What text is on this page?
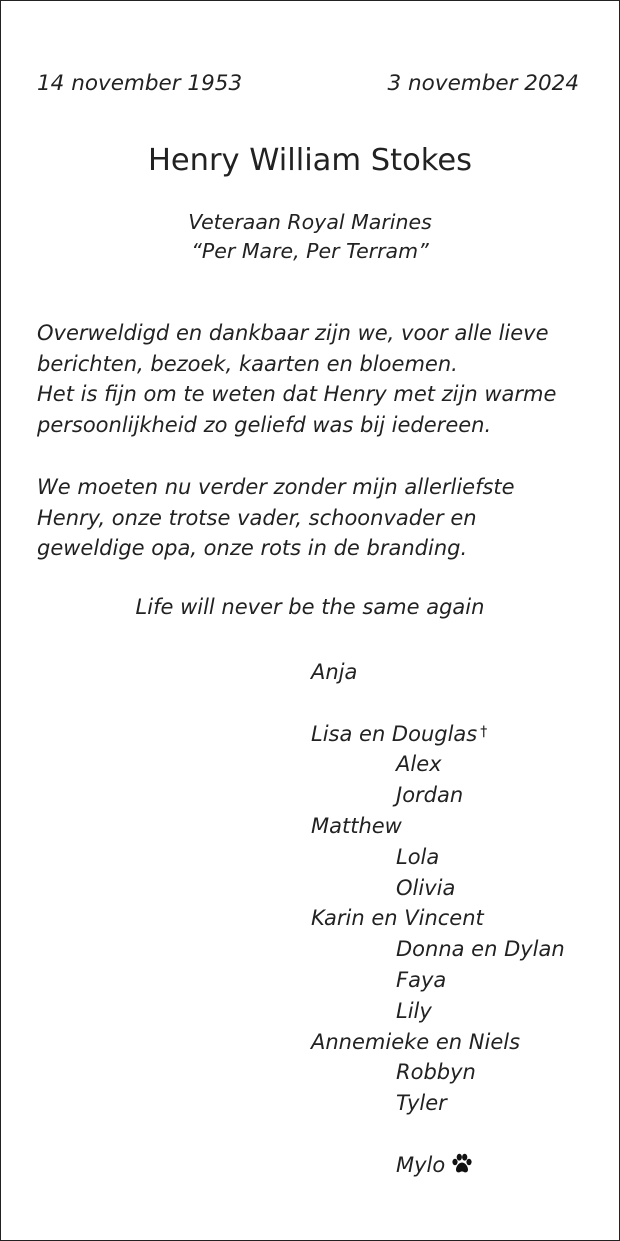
14 november 1953	3 november 2024
Henry William Stokes
Veteraan Royal Marines
“Per Mare, Per Terram”
Overweldigd en dankbaar zijn we, voor alle lieve
berichten, bezoek, kaarten en bloemen.
Het is fijn om te weten dat Henry met zijn warme
persoonlijkheid zo geliefd was bij iedereen.
We moeten nu verder zonder mijn allerliefste
Henry, onze trotse vader, schoonvader en
geweldige opa, onze rots in de branding.
Life will never be the same again
Anja
Lisa en Douglas †
Alex
Jordan
Matthew
Lola
Olivia
Karin en Vincent
Donna en Dylan
Faya
Lily
Annemieke en Niels
Robbyn
Tyler
Mylo
